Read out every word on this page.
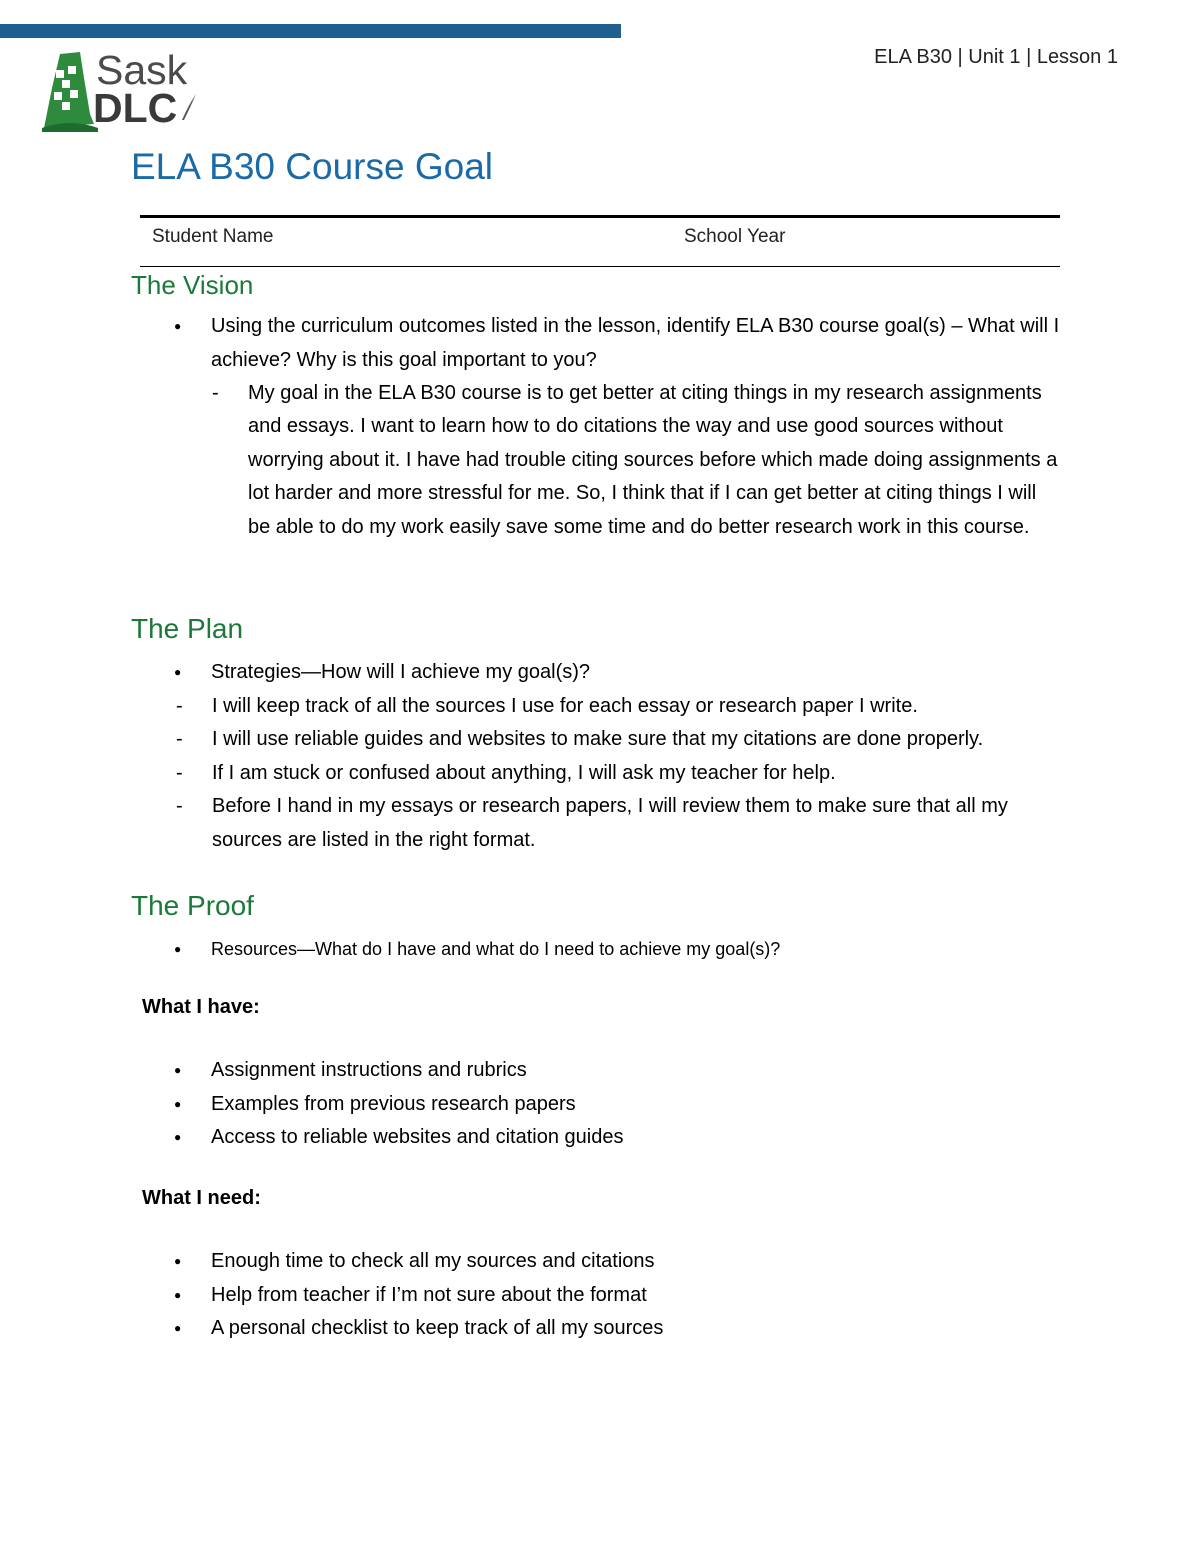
Sask
DLC
ELA B30 | Unit 1 | Lesson 1
ELA B30 Course Goal
Student Name	School Year
The Vision
● Using the curriculum outcomes listed in the lesson, identify ELA B30 course goal(s) – What will I achieve? Why is this goal important to you?
- My goal in the ELA B30 course is to get better at citing things in my research assignments and essays. I want to learn how to do citations the way and use good sources without worrying about it. I have had trouble citing sources before which made doing assignments a lot harder and more stressful for me. So, I think that if I can get better at citing things I will be able to do my work easily save some time and do better research work in this course.
The Plan
● Strategies—How will I achieve my goal(s)?
- I will keep track of all the sources I use for each essay or research paper I write.
- I will use reliable guides and websites to make sure that my citations are done properly.
- If I am stuck or confused about anything, I will ask my teacher for help.
- Before I hand in my essays or research papers, I will review them to make sure that all my sources are listed in the right format.
The Proof
● Resources—What do I have and what do I need to achieve my goal(s)?
What I have:
● Assignment instructions and rubrics
● Examples from previous research papers
● Access to reliable websites and citation guides
What I need:
● Enough time to check all my sources and citations
● Help from teacher if I’m not sure about the format
● A personal checklist to keep track of all my sources
